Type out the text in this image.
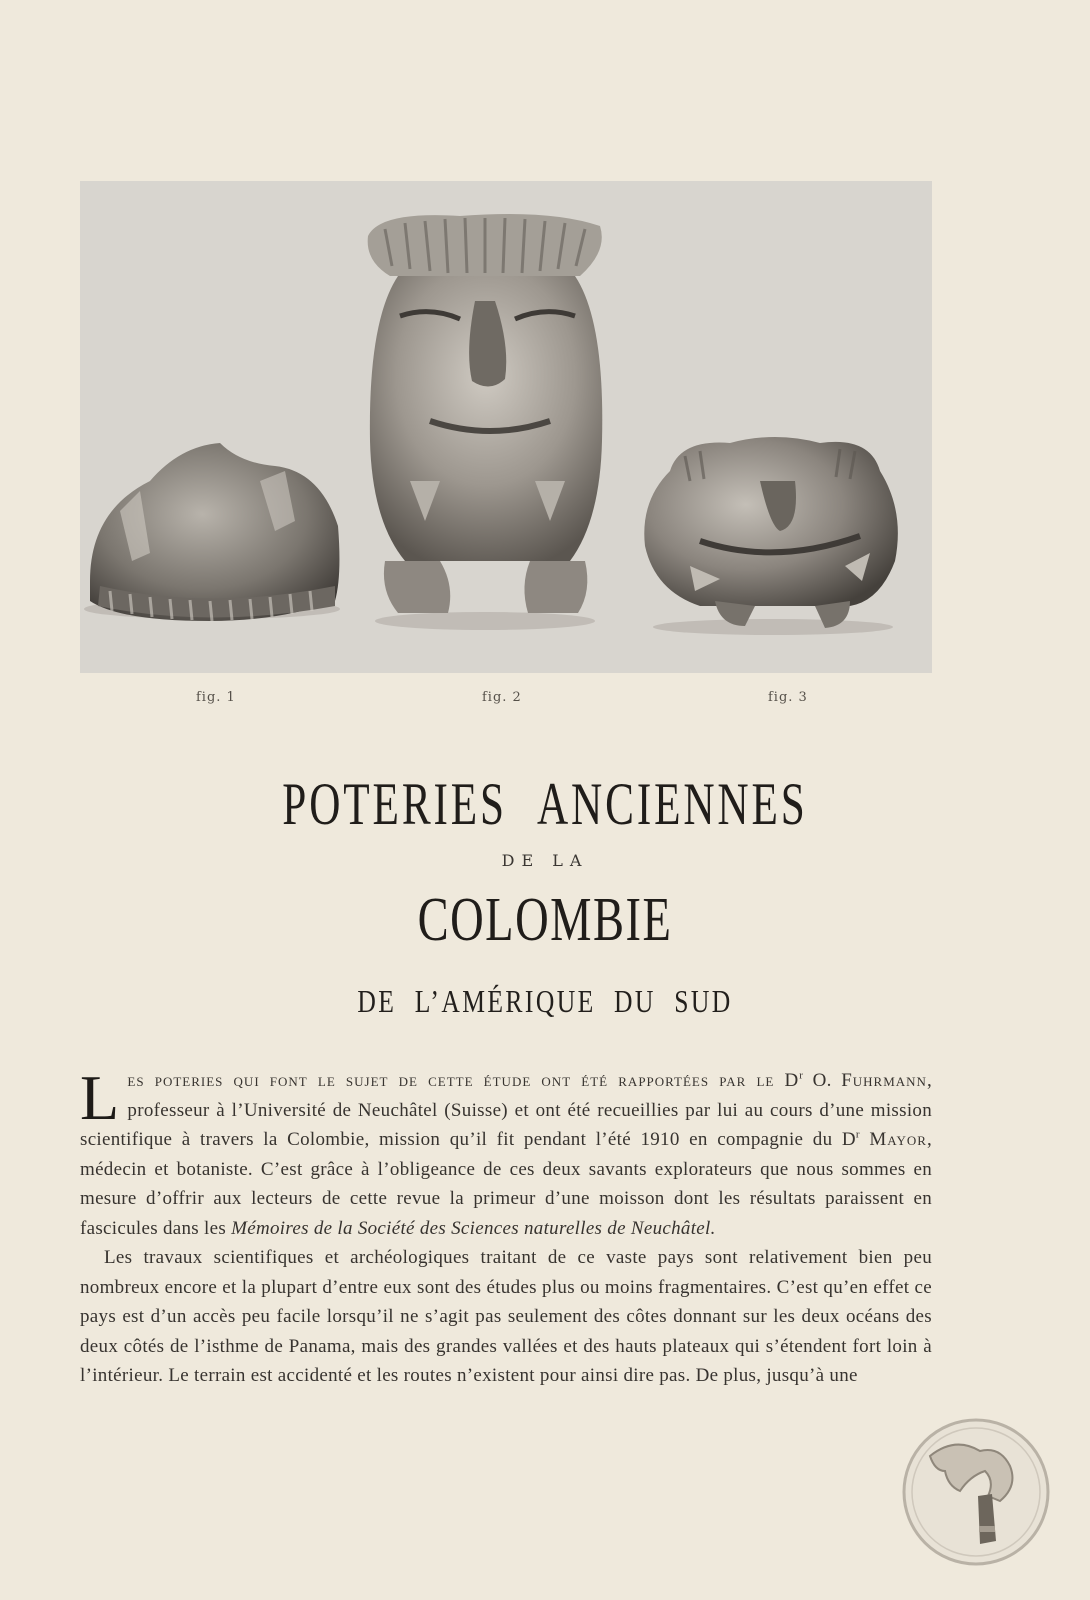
fig. 1	fig. 2	fig. 3
POTERIES ANCIENNES
DE LA
COLOMBIE
DE L’AMÉRIQUE DU SUD

Les poteries qui font le sujet de cette étude ont été rapportées par le $D^r$ O. Fuhrmann, professeur à l’Université de Neuchâtel (Suisse) et ont été recueillies par lui au cours d’une mission scientifique à travers la Colombie, mission qu’il fit pendant l’été 1910 en compagnie du $D^r$ Mayor, médecin et botaniste. C’est grâce à l’obligeance de ces deux savants explorateurs que nous sommes en mesure d’offrir aux lecteurs de cette revue la primeur d’une moisson dont les résultats paraissent en fascicules dans les Mémoires de la Société des Sciences naturelles de Neuchâtel.

Les travaux scientifiques et archéologiques traitant de ce vaste pays sont relativement bien peu nombreux encore et la plupart d’entre eux sont des études plus ou moins fragmentaires. C’est qu’en effet ce pays est d’un accès peu facile lorsqu’il ne s’agit pas seulement des côtes donnant sur les deux océans des deux côtés de l’isthme de Panama, mais des grandes vallées et des hauts plateaux qui s’étendent fort loin à l’intérieur. Le terrain est accidenté et les routes n’existent pour ainsi dire pas. De plus, jusqu’à une
